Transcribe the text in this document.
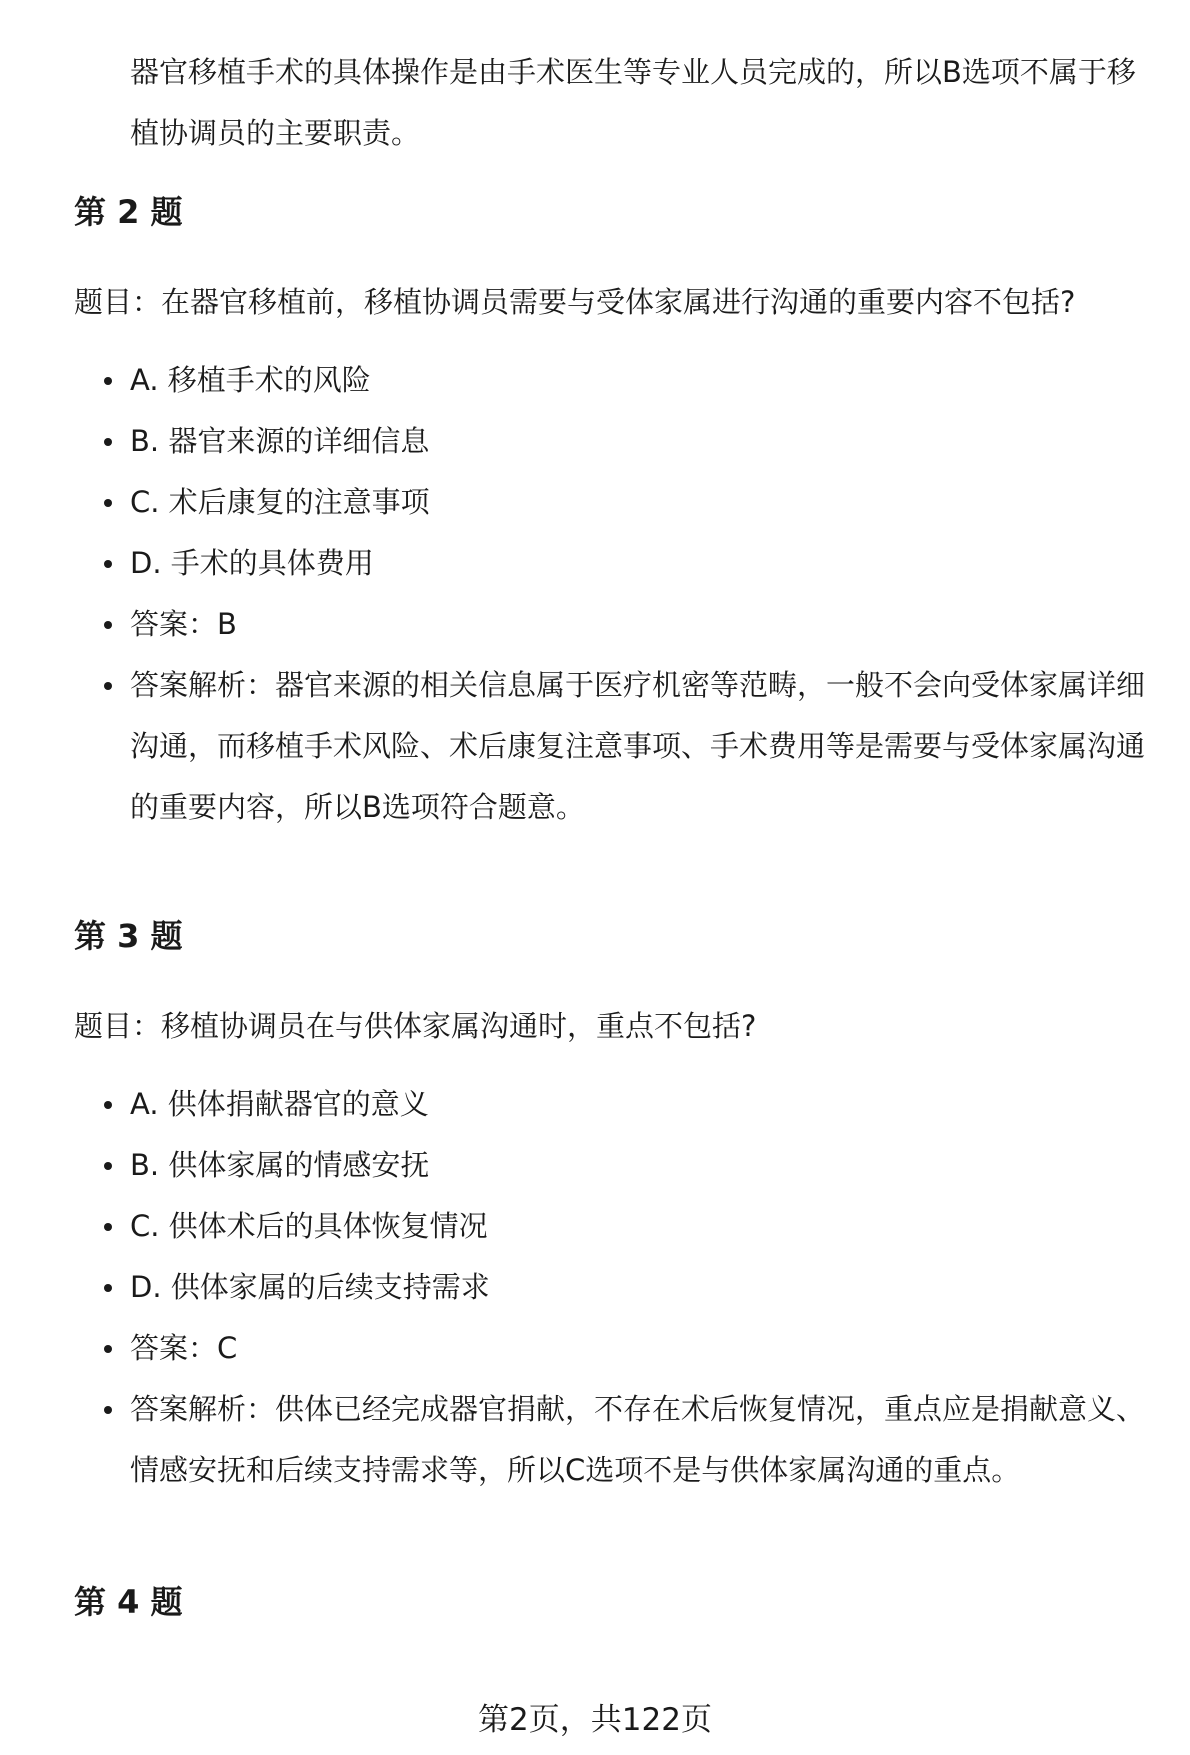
器官移植手术的具体操作是由手术医生等专业人员完成的，所以B选项不属于移植协调员的主要职责。

第 2 题

题目：在器官移植前，移植协调员需要与受体家属进行沟通的重要内容不包括?

A. 移植手术的风险
B. 器官来源的详细信息
C. 术后康复的注意事项
D. 手术的具体费用
答案：B
答案解析：器官来源的相关信息属于医疗机密等范畴，一般不会向受体家属详细沟通，而移植手术风险、术后康复注意事项、手术费用等是需要与受体家属沟通的重要内容，所以B选项符合题意。
第 3 题

题目：移植协调员在与供体家属沟通时，重点不包括?

A. 供体捐献器官的意义
B. 供体家属的情感安抚
C. 供体术后的具体恢复情况
D. 供体家属的后续支持需求
答案：C
答案解析：供体已经完成器官捐献，不存在术后恢复情况，重点应是捐献意义、情感安抚和后续支持需求等，所以C选项不是与供体家属沟通的重点。
第 4 题

第2页，共122页
